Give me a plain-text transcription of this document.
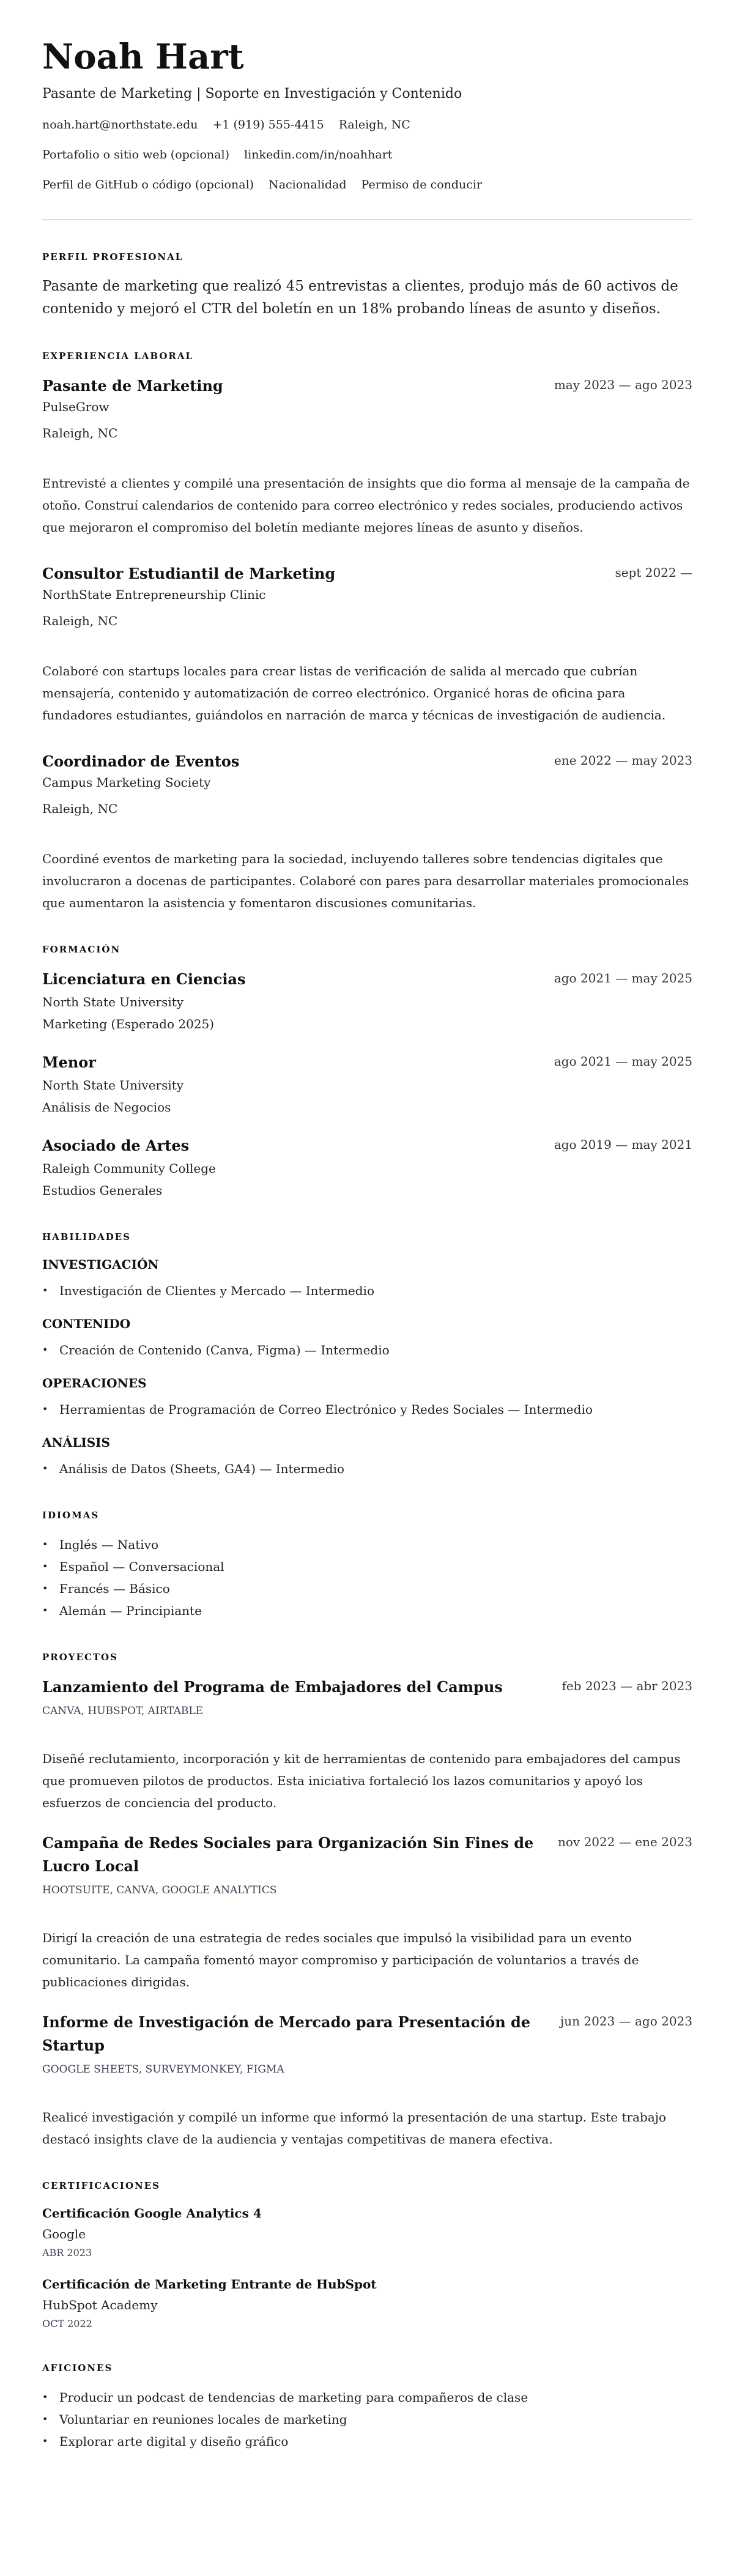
Noah Hart
Pasante de Marketing | Soporte en Investigación y Contenido
noah.hart@northstate.edu +1 (919) 555-4415 Raleigh, NC
Portafolio o sitio web (opcional) linkedin.com/in/noahhart
Perfil de GitHub o código (opcional) Nacionalidad Permiso de conducir
PERFIL PROFESIONAL

Pasante de marketing que realizó 45 entrevistas a clientes, produjo más de 60 activos de contenido y mejoró el CTR del boletín en un 18% probando líneas de asunto y diseños.

EXPERIENCIA LABORAL
Pasante de Marketing	may 2023 — ago 2023
PulseGrow
Raleigh, NC
Entrevisté a clientes y compilé una presentación de insights que dio forma al mensaje de la campaña de otoño. Construí calendarios de contenido para correo electrónico y redes sociales, produciendo activos que mejoraron el compromiso del boletín mediante mejores líneas de asunto y diseños.
Consultor Estudiantil de Marketing	sept 2022 —
NorthState Entrepreneurship Clinic
Raleigh, NC
Colaboré con startups locales para crear listas de verificación de salida al mercado que cubrían mensajería, contenido y automatización de correo electrónico. Organicé horas de oficina para fundadores estudiantes, guiándolos en narración de marca y técnicas de investigación de audiencia.
Coordinador de Eventos	ene 2022 — may 2023
Campus Marketing Society
Raleigh, NC
Coordiné eventos de marketing para la sociedad, incluyendo talleres sobre tendencias digitales que involucraron a docenas de participantes. Colaboré con pares para desarrollar materiales promocionales que aumentaron la asistencia y fomentaron discusiones comunitarias.
FORMACIÓN
Licenciatura en Ciencias	ago 2021 — may 2025
North State University
Marketing (Esperado 2025)
Menor	ago 2021 — may 2025
North State University
Análisis de Negocios
Asociado de Artes	ago 2019 — may 2021
Raleigh Community College
Estudios Generales
HABILIDADES
INVESTIGACIÓN
• Investigación de Clientes y Mercado — Intermedio
CONTENIDO
• Creación de Contenido (Canva, Figma) — Intermedio
OPERACIONES
• Herramientas de Programación de Correo Electrónico y Redes Sociales — Intermedio
ANÁLISIS
• Análisis de Datos (Sheets, GA4) — Intermedio
IDIOMAS
• Inglés — Nativo
• Español — Conversacional
• Francés — Básico
• Alemán — Principiante
PROYECTOS
Lanzamiento del Programa de Embajadores del Campus	feb 2023 — abr 2023
CANVA, HUBSPOT, AIRTABLE
Diseñé reclutamiento, incorporación y kit de herramientas de contenido para embajadores del campus que promueven pilotos de productos. Esta iniciativa fortaleció los lazos comunitarios y apoyó los esfuerzos de conciencia del producto.
Campaña de Redes Sociales para Organización Sin Fines de Lucro Local
nov 2022 — ene 2023
HOOTSUITE, CANVA, GOOGLE ANALYTICS
Dirigí la creación de una estrategia de redes sociales que impulsó la visibilidad para un evento comunitario. La campaña fomentó mayor compromiso y participación de voluntarios a través de publicaciones dirigidas.
Informe de Investigación de Mercado para Presentación de Startup
jun 2023 — ago 2023
GOOGLE SHEETS, SURVEYMONKEY, FIGMA
Realicé investigación y compilé un informe que informó la presentación de una startup. Este trabajo destacó insights clave de la audiencia y ventajas competitivas de manera efectiva.
CERTIFICACIONES
Certificación Google Analytics 4
Google
ABR 2023
Certificación de Marketing Entrante de HubSpot
HubSpot Academy
OCT 2022
AFICIONES
• Producir un podcast de tendencias de marketing para compañeros de clase
• Voluntariar en reuniones locales de marketing
• Explorar arte digital y diseño gráfico
